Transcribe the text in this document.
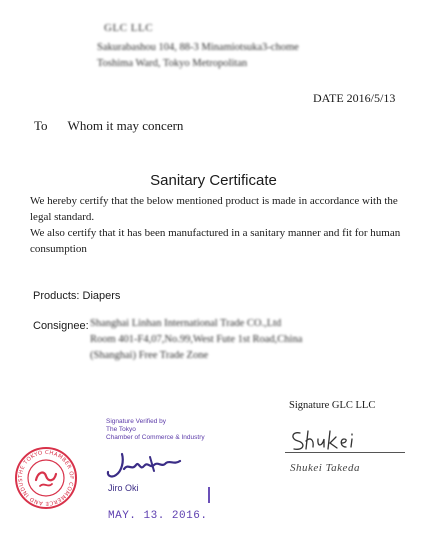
GLC LLC
Sakurabashou 104, 88-3 Minamiotsuka3-chome
Toshima Ward, Tokyo Metropolitan
DATE 2016/5/13
To Whom it may concern
Sanitary Certificate
We hereby certify that the below mentioned product is made in accordance with the legal standard.
We also certify that it has been manufactured in a sanitary manner and fit for human consumption
Products: Diapers
Consignee: Shanghai Linhan International Trade CO.,Ltd
Room 401-F4,07,No.99,West Fute 1st Road,China
(Shanghai) Free Trade Zone
Signature GLC LLC
Signature Verified by
The Tokyo
Chamber of Commerce & Industry
Jiro Oki
MAY. 13. 2016.
THE TOKYO CHAMBER OF COMMERCE AND INDUS
Shukei Takeda
